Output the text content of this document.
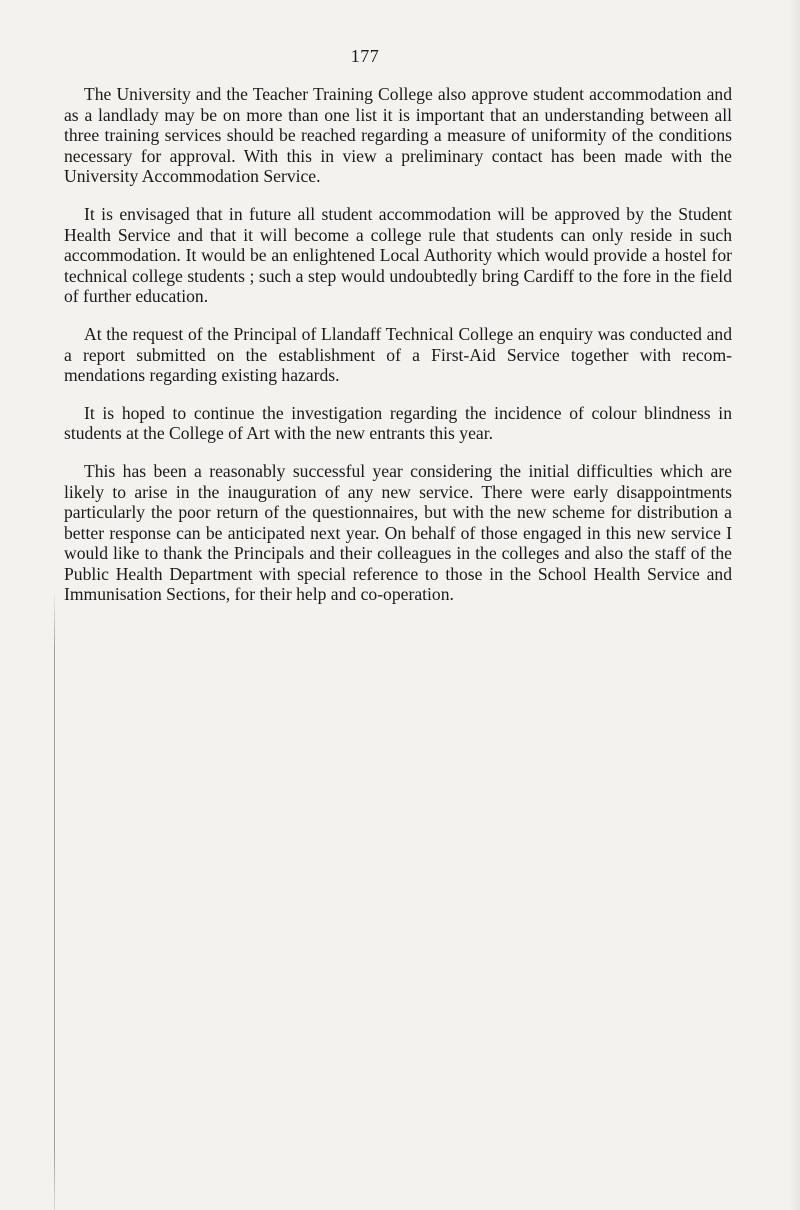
177

The University and the Teacher Training College also approve student accommodation and as a landlady may be on more than one list it is important that an understanding between all three training services should be reached regarding a measure of uniformity of the conditions necessary for approval. With this in view a preliminary contact has been made with the University Accommodation Service.

It is envisaged that in future all student accommodation will be approved by the Student Health Service and that it will become a college rule that students can only reside in such accommodation. It would be an enlightened Local Authority which would provide a hostel for technical college students ; such a step would undoubtedly bring Cardiff to the fore in the field of further education.

At the request of the Principal of Llandaff Technical College an enquiry was conducted and a report submitted on the establishment of a First-Aid Service together with recom- mendations regarding existing hazards.

It is hoped to continue the investigation regarding the incidence of colour blindness in students at the College of Art with the new entrants this year.

This has been a reasonably successful year considering the initial difficulties which are likely to arise in the inauguration of any new service. There were early disappointments particularly the poor return of the questionnaires, but with the new scheme for distribution a better response can be anticipated next year. On behalf of those engaged in this new service I would like to thank the Principals and their colleagues in the colleges and also the staff of the Public Health Department with special reference to those in the School Health Service and Immunisation Sections, for their help and co-operation.
